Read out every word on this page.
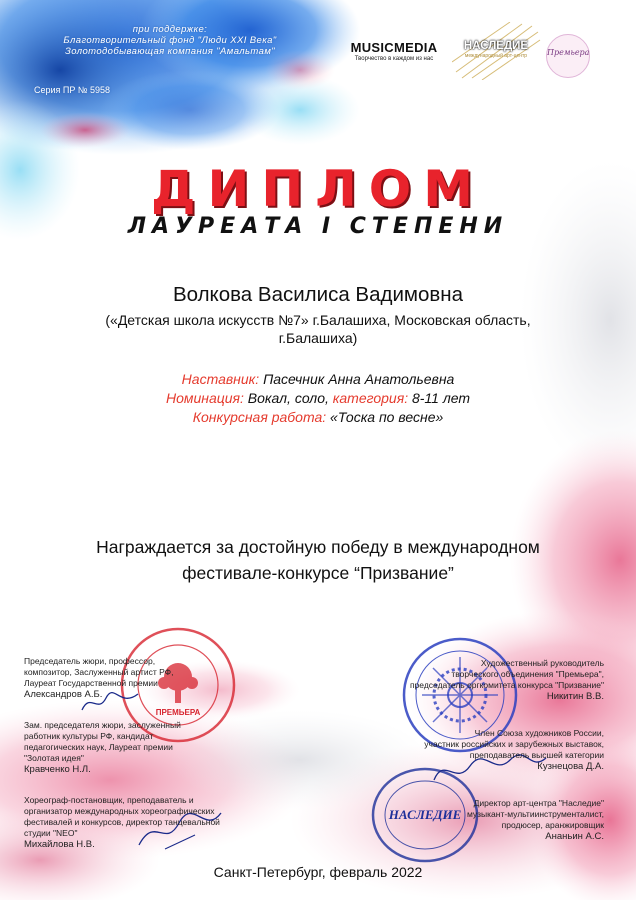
при поддержке:
Благотворительный фонд "Люди XXI Века"
Золотодобывающая компания "Амальтам"
Серия ПР № 5958
MUSICMEDIA
Творчество в каждом из нас
НАСЛЕДИЕ
международный арт-центр	Премьера
ДИПЛОМ
ЛАУРЕАТА I СТЕПЕНИ
Волкова Василиса Вадимовна
(«Детская школа искусств №7» г.Балашиха, Московская область,
г.Балашиха)
Наставник: Пасечник Анна Анатольевна
Номинация: Вокал, соло, категория: 8-11 лет
Конкурсная работа: «Тоска по весне»
Награждается за достойную победу в международном
фестивале-конкурсе “Призвание”
ПРЕМЬЕРА
НАСЛЕДИЕ
Председатель жюри, профессор,
композитор, Заслуженный артист РФ,
Лауреат Государственной премии
Александров А.Б.
Зам. председателя жюри, заслуженный
работник культуры РФ, кандидат
педагогических наук, Лауреат премии
"Золотая идея"
Кравченко Н.Л.
Хореограф-постановщик, преподаватель и
организатор международных хореографических
фестивалей и конкурсов, директор танцевальной
студии "NEO"
Михайлова Н.В.
Художественный руководитель
творческого объединения "Премьера",
председатель оргкомитета конкурса "Призвание"
Никитин В.В.
Член Союза художников России,
участник российских и зарубежных выставок,
преподаватель высшей категории
Кузнецова Д.А.
Директор арт-центра "Наследие"
музыкант-мультиинструменталист,
продюсер, аранжировщик
Ананьин А.С.
Санкт-Петербург, февраль 2022
